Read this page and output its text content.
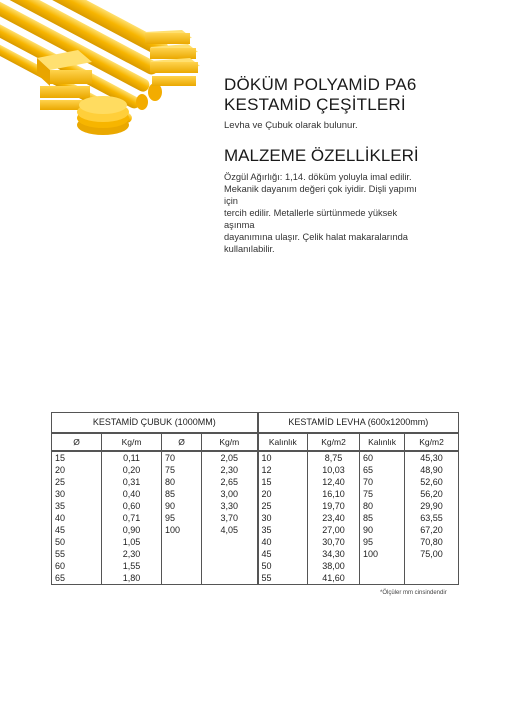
DÖKÜM POLYAMİD PA6
KESTAMİD ÇEŞİTLERİ
Levha ve Çubuk olarak bulunur.
MALZEME ÖZELLİKLERİ

Özgül Ağırlığı: 1,14. döküm yoluyla imal edilir.
Mekanik dayanım değeri çok iyidir. Dişli yapımı için
tercih edilir. Metallerle sürtünmede yüksek aşınma
dayanımına ulaşır. Çelik halat makaralarında
kullanılabilir.

KESTAMİD ÇUBUK (1000MM)				KESTAMİD LEVHA (600x1200mm)			
Ø	Kg/m	Ø	Kg/m	Kalınlık	Kg/m2	Kalınlık	Kg/m2
15	0,11	70	2,05	10	8,75	60	45,30
20	0,20	75	2,30	12	10,03	65	48,90
25	0,31	80	2,65	15	12,40	70	52,60
30	0,40	85	3,00	20	16,10	75	56,20
35	0,60	90	3,30	25	19,70	80	29,90
40	0,71	95	3,70	30	23,40	85	63,55
45	0,90	100	4,05	35	27,00	90	67,20
50	1,05			40	30,70	95	70,80
55	2,30			45	34,30	100	75,00
60	1,55			50	38,00		
65	1,80			55	41,60		
*Ölçüler mm cinsindendir
